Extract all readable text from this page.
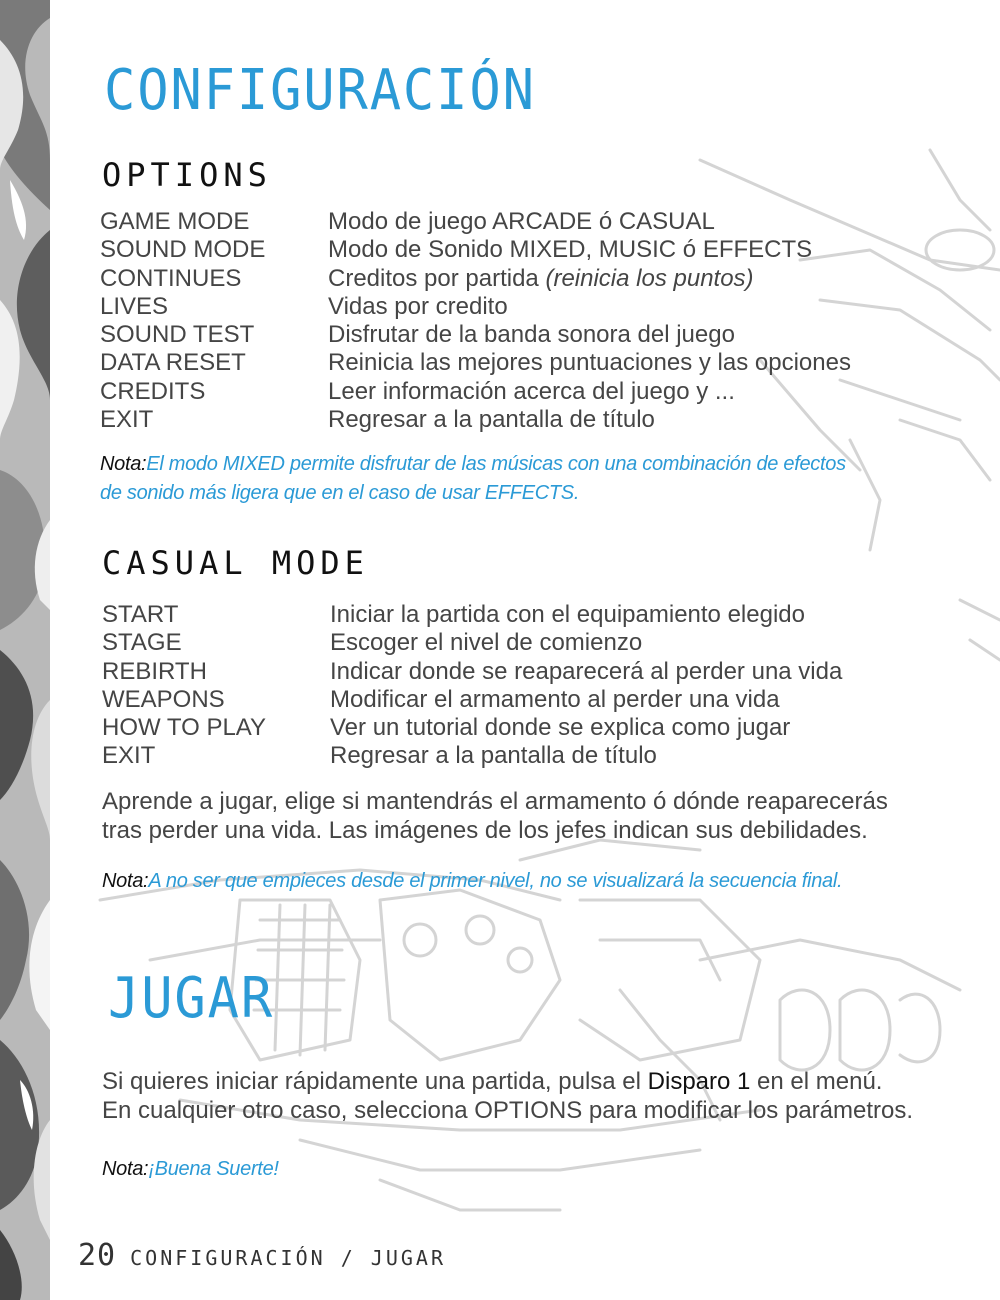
CONFIGURACIÓN
OPTIONS
GAME MODE	Modo de juego ARCADE ó CASUAL
SOUND MODE	Modo de Sonido MIXED, MUSIC ó EFFECTS
CONTINUES	Creditos por partida (reinicia los puntos)
LIVES	Vidas por credito
SOUND TEST	Disfrutar de la banda sonora del juego
DATA RESET	Reinicia las mejores puntuaciones y las opciones
CREDITS	Leer información acerca del juego y ...
EXIT	Regresar a la pantalla de título
Nota:El modo MIXED permite disfrutar de las músicas con una combinación de efectos
de sonido más ligera que en el caso de usar EFFECTS.
CASUAL MODE
START	Iniciar la partida con el equipamiento elegido
STAGE	Escoger el nivel de comienzo
REBIRTH	Indicar donde se reaparecerá al perder una vida
WEAPONS	Modificar el armamento al perder una vida
HOW TO PLAY	Ver un tutorial donde se explica como jugar
EXIT	Regresar a la pantalla de título
Aprende a jugar, elige si mantendrás el armamento ó dónde reaparecerás
tras perder una vida. Las imágenes de los jefes indican sus debilidades.
Nota:A no ser que empieces desde el primer nivel, no se visualizará la secuencia final.
JUGAR
Si quieres iniciar rápidamente una partida, pulsa el Disparo 1 en el menú.
En cualquier otro caso, selecciona OPTIONS para modificar los parámetros.
Nota:¡Buena Suerte!
20 CONFIGURACIÓN / JUGAR
